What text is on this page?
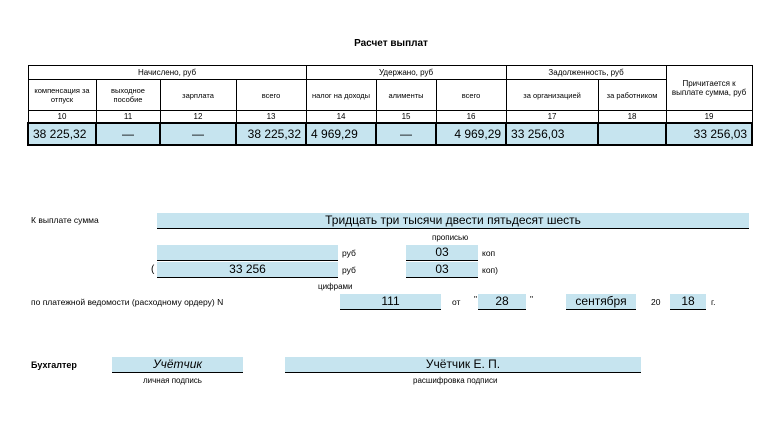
Расчет выплат
Начислено, руб				Удержано, руб			Задолженность, руб		Причитается к выплате сумма, руб
компенсация за отпуск	выходное пособие	зарплата	всего	налог на доходы	алименты	всего	за организацией	за работником	
10	11	12	13	14	15	16	17	18	19
38 225,32	—	—	38 225,32	4 969,29	—	4 969,29	33 256,03		33 256,03
К выплате сумма	Тридцать три тысячи двести пятьдесят шесть
прописью
руб	03	коп
(	33 256	руб	03	коп)
цифрами
по платежной ведомости (расходному ордеру) N	111	от "	28	"	сентября	20	18	г.
Бухгалтер	Учётчик
личная подпись
Учётчик Е. П.
расшифровка подписи
